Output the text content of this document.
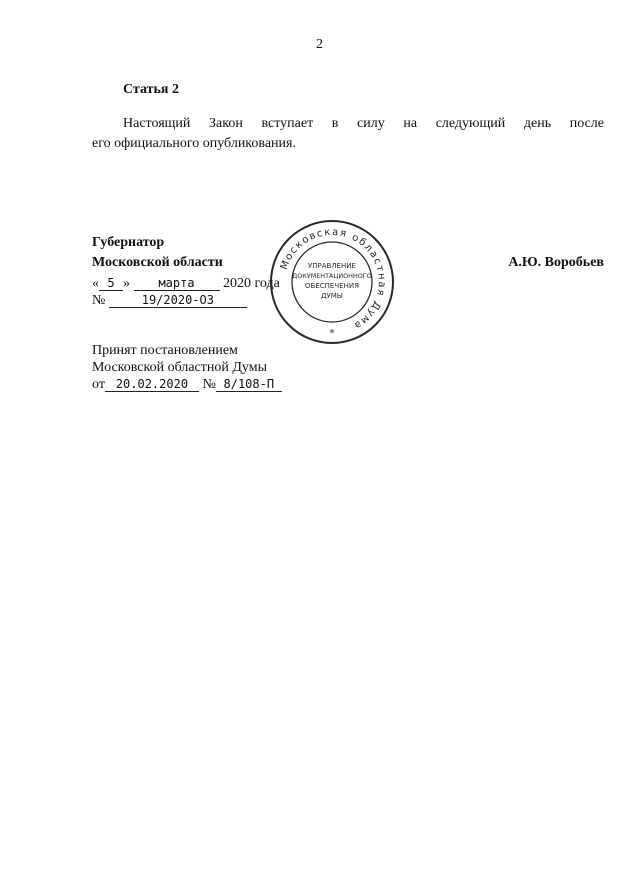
2
Статья 2
Настоящий Закон вступает в силу на следующий день после
его официального опубликования.
Губернатор
Московской области	А.Ю. Воробьев
« 5 » марта 2020 года
№	19/2020-ОЗ
Принят постановлением
Московской областной Думы
от 20.02.2020 № 8/108-П
Московская областная Дума
УПРАВЛЕНИЕ
ДОКУМЕНТАЦИОННОГО
ОБЕСПЕЧЕНИЯ
ДУМЫ
*
